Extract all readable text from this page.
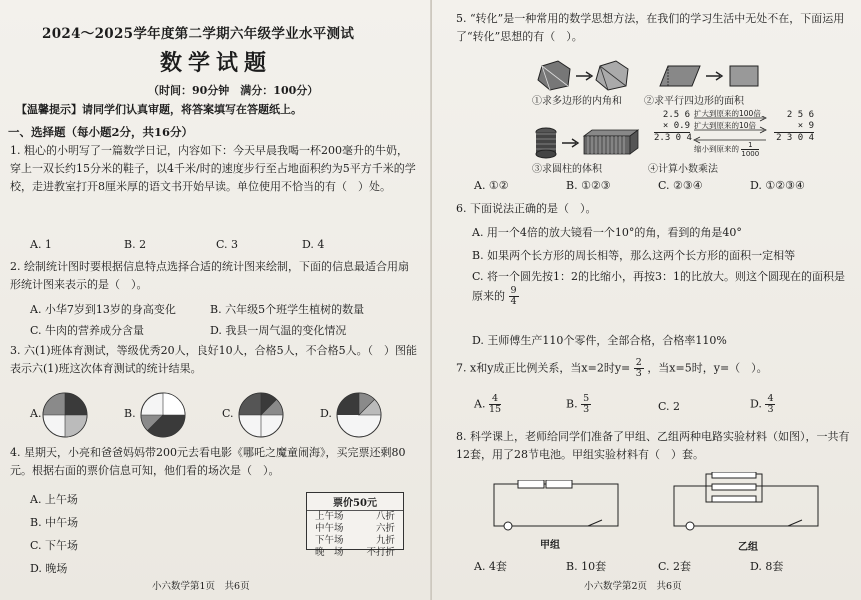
2024～2025学年度第二学期六年级学业水平测试
数学试题
（时间：90分钟　满分：100分）
【温馨提示】请同学们认真审题，将答案填写在答题纸上。
一、选择题（每小题2分，共16分）
1. 粗心的小明写了一篇数学日记，内容如下：今天早晨我喝一杯200毫升的牛奶，穿上一双长约15分米的鞋子，以4千米/时的速度步行至占地面积约为5平方千米的学校，走进教室打开8厘米厚的语文书开始早读。单位使用不恰当的有（　）处。
A. 1	B. 2	C. 3	D. 4
2. 绘制统计图时要根据信息特点选择合适的统计图来绘制，下面的信息最适合用扇形统计图来表示的是（　）。
A. 小华7岁到13岁的身高变化	B. 六年级5个班学生植树的数量
C. 牛肉的营养成分含量	D. 我县一周气温的变化情况
3. 六(1)班体育测试，等级优秀20人，良好10人，合格5人，不合格5人。（　）图能表示六(1)班这次体育测试的统计结果。
A.	B.	C.	D.
4. 星期天，小亮和爸爸妈妈带200元去看电影《哪吒之魔童闹海》，买完票还剩80元。根据右面的票价信息可知，他们看的场次是（　）。
A. 上午场
B. 中午场
C. 下午场
D. 晚场
票价50元
上午场	八折
中午场	六折
下午场	九折
晚　场 不打折
小六数学第1页　共6页
5. “转化”是一种常用的数学思想方法，在我们的学习生活中无处不在，下面运用了“转化”思想的有（　）。
①求多边形的内角和 ②求平行四边形的面积
③求圆柱的体积
2.5 6
× 0.9
2.3 0 4
扩大到原来的100倍
扩大到原来的10倍
缩小到原来的 $\frac{1}{1000}$
2 5 6
× 9
2 3 0 4
④计算小数乘法
A. ①②	B. ①②③	C. ②③④	D. ①②③④
6. 下面说法正确的是（　）。
A. 用一个4倍的放大镜看一个10°的角，看到的角是40°
B. 如果两个长方形的周长相等，那么这两个长方形的面积一定相等
C. 将一个圆先按1：2的比缩小，再按3：1的比放大。则这个圆现在的面积是原来的 $\frac{9}{4}$
D. 王师傅生产110个零件，全部合格，合格率110%
7. x和y成正比例关系，当x=2时$y= \frac{2}{3}$ ，当x=5时，y=（　）。
A. $\frac{4}{15}$	B. $\frac{5}{3}$	C. 2	D. $\frac{4}{3}$
8. 科学课上，老师给同学们准备了甲组、乙组两种电路实验材料（如图），一共有12套，用了28节电池。甲组实验材料有（　）套。
甲组	乙组
A. 4套	B. 10套	C. 2套	D. 8套
小六数学第2页　共6页
